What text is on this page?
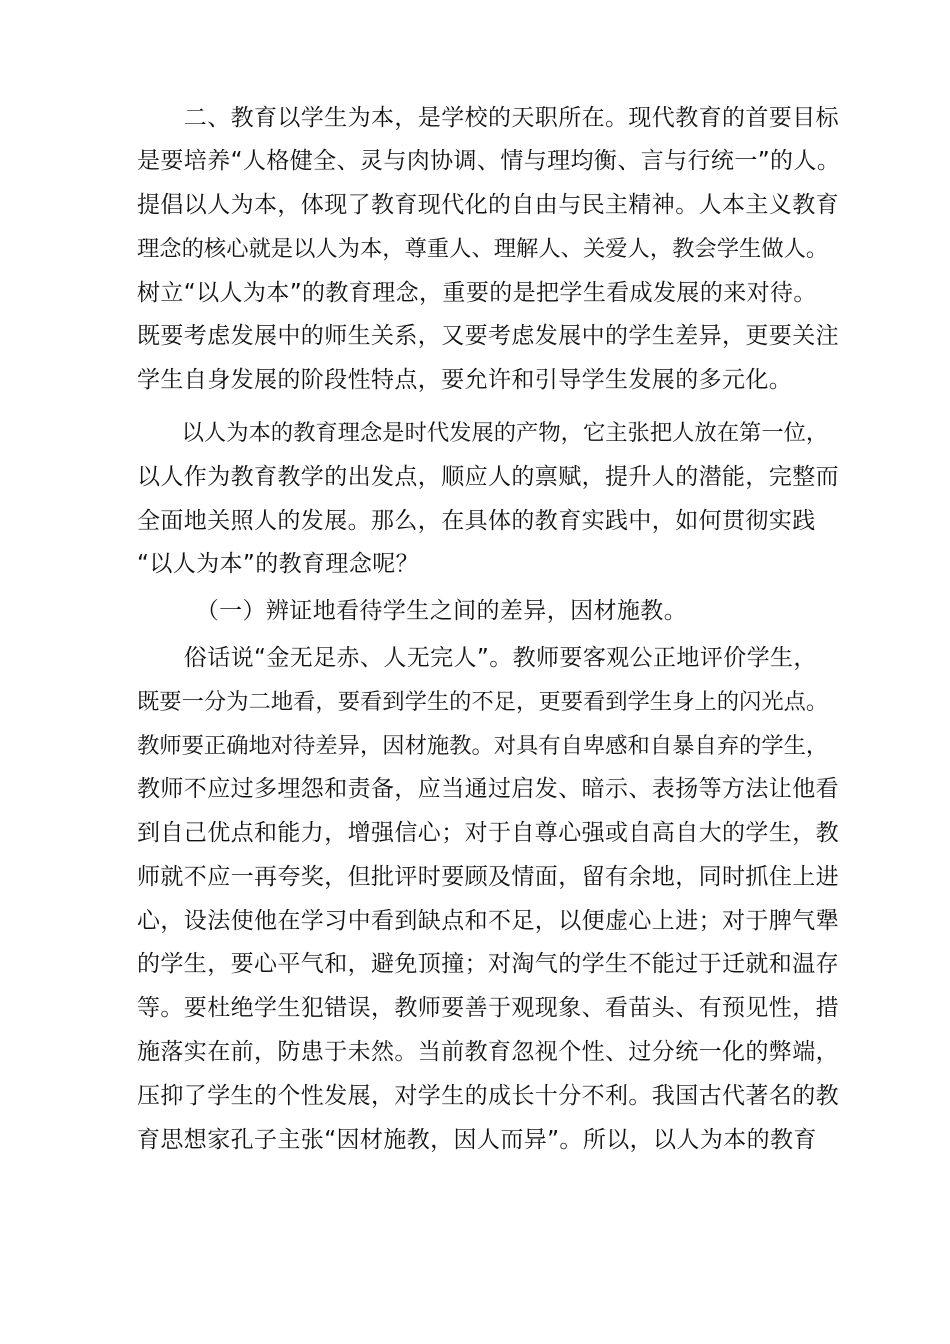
　　二、教育以学生为本，是学校的天职所在。现代教育的首要目标
是要培养“人格健全、灵与肉协调、情与理均衡、言与行统一”的人。
提倡以人为本，体现了教育现代化的自由与民主精神。人本主义教育
理念的核心就是以人为本，尊重人、理解人、关爱人，教会学生做人。
树立“以人为本”的教育理念，重要的是把学生看成发展的来对待。
既要考虑发展中的师生关系，又要考虑发展中的学生差异，更要关注
学生自身发展的阶段性特点，要允许和引导学生发展的多元化。
　　以人为本的教育理念是时代发展的产物，它主张把人放在第一位，
以人作为教育教学的出发点，顺应人的禀赋，提升人的潜能，完整而
全面地关照人的发展。那么，在具体的教育实践中，如何贯彻实践
“以人为本”的教育理念呢？
　　　（一）辨证地看待学生之间的差异，因材施教。
　　俗话说“金无足赤、人无完人”。教师要客观公正地评价学生，
既要一分为二地看，要看到学生的不足，更要看到学生身上的闪光点。
教师要正确地对待差异，因材施教。对具有自卑感和自暴自弃的学生，
教师不应过多埋怨和责备，应当通过启发、暗示、表扬等方法让他看
到自己优点和能力，增强信心；对于自尊心强或自高自大的学生，教
师就不应一再夸奖，但批评时要顾及情面，留有余地，同时抓住上进
心，设法使他在学习中看到缺点和不足，以便虚心上进；对于脾气犟
的学生，要心平气和，避免顶撞；对淘气的学生不能过于迁就和温存
等。要杜绝学生犯错误，教师要善于观现象、看苗头、有预见性，措
施落实在前，防患于未然。当前教育忽视个性、过分统一化的弊端，
压抑了学生的个性发展，对学生的成长十分不利。我国古代著名的教
育思想家孔子主张“因材施教，因人而异”。所以，以人为本的教育
